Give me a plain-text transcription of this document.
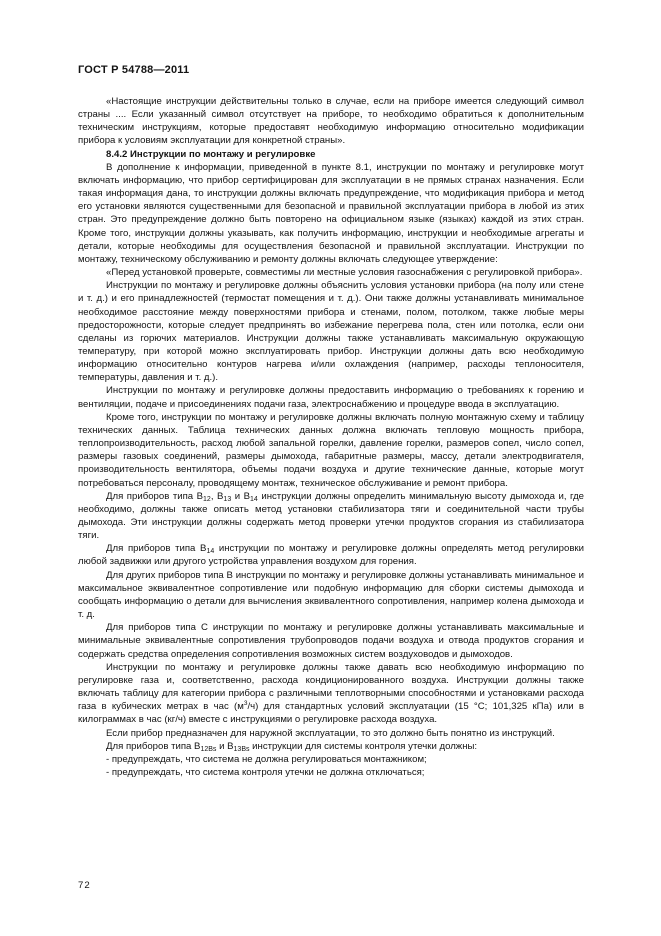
ГОСТ Р 54788—2011

«Настоящие инструкции действительны только в случае, если на приборе имеется следующий символ страны .... Если указанный символ отсутствует на приборе, то необходимо обратиться к дополнительным техническим инструкциям, которые предоставят необходимую информацию относительно модификации прибора к условиям эксплуатации для конкретной страны».

8.4.2 Инструкции по монтажу и регулировке

В дополнение к информации, приведенной в пункте 8.1, инструкции по монтажу и регулировке могут включать информацию, что прибор сертифицирован для эксплуатации в не прямых странах назначения. Если такая информация дана, то инструкции должны включать предупреждение, что модификация прибора и метод его установки являются существенными для безопасной и правильной эксплуатации прибора в любой из этих стран. Это предупреждение должно быть повторено на официальном языке (языках) каждой из этих стран. Кроме того, инструкции должны указывать, как получить информацию, инструкции и необходимые агрегаты и детали, которые необходимы для осуществления безопасной и правильной эксплуатации. Инструкции по монтажу, техническому обслуживанию и ремонту должны включать следующее утверждение:

«Перед установкой проверьте, совместимы ли местные условия газоснабжения с регулировкой прибора».

Инструкции по монтажу и регулировке должны объяснить условия установки прибора (на полу или стене и т. д.) и его принадлежностей (термостат помещения и т. д.). Они также должны устанавливать минимальное необходимое расстояние между поверхностями прибора и стенами, полом, потолком, также любые меры предосторожности, которые следует предпринять во избежание перегрева пола, стен или потолка, если они сделаны из горючих материалов. Инструкции должны также устанавливать максимальную окружающую температуру, при которой можно эксплуатировать прибор. Инструкции должны дать всю необходимую информацию относительно контуров нагрева и/или охлаждения (например, расходы теплоносителя, температуры, давления и т. д.).

Инструкции по монтажу и регулировке должны предоставить информацию о требованиях к горению и вентиляции, подаче и присоединениях подачи газа, электроснабжению и процедуре ввода в эксплуатацию.

Кроме того, инструкции по монтажу и регулировке должны включать полную монтажную схему и таблицу технических данных. Таблица технических данных должна включать тепловую мощность прибора, теплопроизводительность, расход любой запальной горелки, давление горелки, размеров сопел, число сопел, размеры газовых соединений, размеры дымохода, габаритные размеры, массу, детали электродвигателя, производительность вентилятора, объемы подачи воздуха и другие технические данные, которые могут потребоваться персоналу, проводящему монтаж, техническое обслуживание и ремонт прибора.

Для приборов типа $В_{12}$, $В_{13}$ и $В_{14}$ инструкции должны определить минимальную высоту дымохода и, где необходимо, должны также описать метод установки стабилизатора тяги и соединительной части трубы дымохода. Эти инструкции должны содержать метод проверки утечки продуктов сгорания из стабилизатора тяги.

Для приборов типа $В_{14}$ инструкции по монтажу и регулировке должны определять метод регулировки любой задвижки или другого устройства управления воздухом для горения.

Для других приборов типа В инструкции по монтажу и регулировке должны устанавливать минимальное и максимальное эквивалентное сопротивление или подобную информацию для сборки системы дымохода и сообщать информацию о детали для вычисления эквивалентного сопротивления, например колена дымохода и т. д.

Для приборов типа С инструкции по монтажу и регулировке должны устанавливать максимальные и минимальные эквивалентные сопротивления трубопроводов подачи воздуха и отвода продуктов сгорания и содержать средства определения сопротивления возможных систем воздуховодов и дымоходов.

Инструкции по монтажу и регулировке должны также давать всю необходимую информацию по регулировке газа и, соответственно, расхода кондиционированного воздуха. Инструкции должны также включать таблицу для категории прибора с различными теплотворными способностями и установками расхода газа в кубических метрах в час $(м^3/ч)$ для стандартных условий эксплуатации (15 °С; 101,325 кПа) или в килограммах в час (кг/ч) вместе с инструкциями о регулировке расхода воздуха.

Если прибор предназначен для наружной эксплуатации, то это должно быть понятно из инструкций.

Для приборов типа $В_{12Bs}$ и $В_{13Bs}$ инструкции для системы контроля утечки должны:

- предупреждать, что система не должна регулироваться монтажником;

- предупреждать, что система контроля утечки не должна отключаться;

72
